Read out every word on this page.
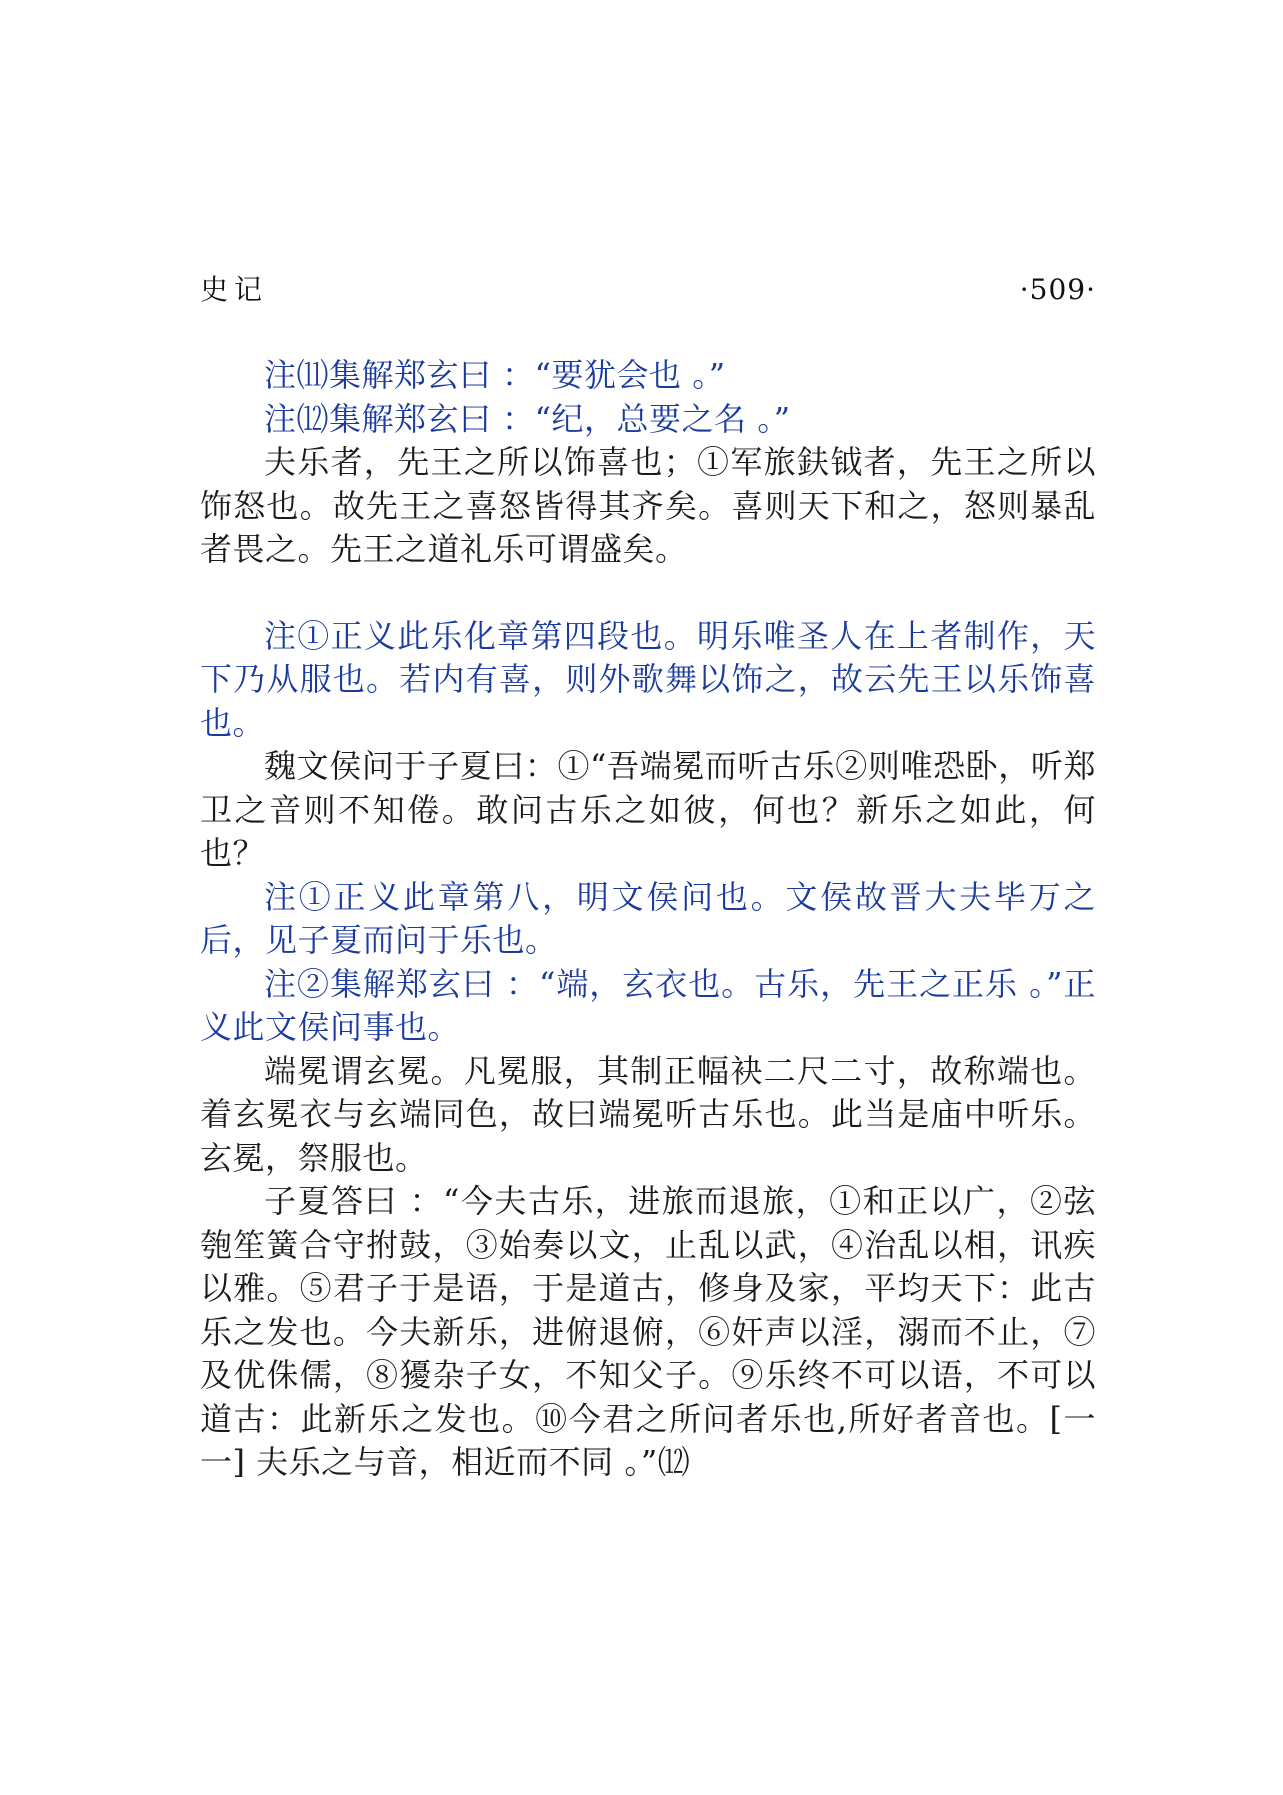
史记	·509·

注⑾集解郑玄曰 ：“要犹会也 。”

注⑿集解郑玄曰 ：“纪，总要之名 。”

夫乐者，先王之所以饰喜也；①军旅鈇钺者，先王之所以饰怒也。故先王之喜怒皆得其齐矣。喜则天下和之，怒则暴乱者畏之。先王之道礼乐可谓盛矣。

注①正义此乐化章第四段也。明乐唯圣人在上者制作，天下乃从服也。若内有喜，则外歌舞以饰之，故云先王以乐饰喜也。

魏文侯问于子夏曰：①“吾端冕而听古乐②则唯恐卧，听郑卫之音则不知倦。敢问古乐之如彼，何也？新乐之如此，何也？

注①正义此章第八，明文侯问也。文侯故晋大夫毕万之后，见子夏而问于乐也。

注②集解郑玄曰 ：“端，玄衣也。古乐，先王之正乐 。”正义此文侯问事也。

端冕谓玄冕。凡冕服，其制正幅袂二尺二寸，故称端也。着玄冕衣与玄端同色，故曰端冕听古乐也。此当是庙中听乐。玄冕，祭服也。

子夏答曰 ：“今夫古乐，进旅而退旅，①和正以广，②弦匏笙簧合守拊鼓，③始奏以文，止乱以武，④治乱以相，讯疾以雅。⑤君子于是语，于是道古，修身及家，平均天下：此古乐之发也。今夫新乐，进俯退俯，⑥奸声以淫，溺而不止，⑦及优侏儒，⑧獶杂子女，不知父子。⑨乐终不可以语，不可以道古：此新乐之发也。⑩今君之所问者乐也,所好者音也。[一一] 夫乐之与音，相近而不同 。”⑿
